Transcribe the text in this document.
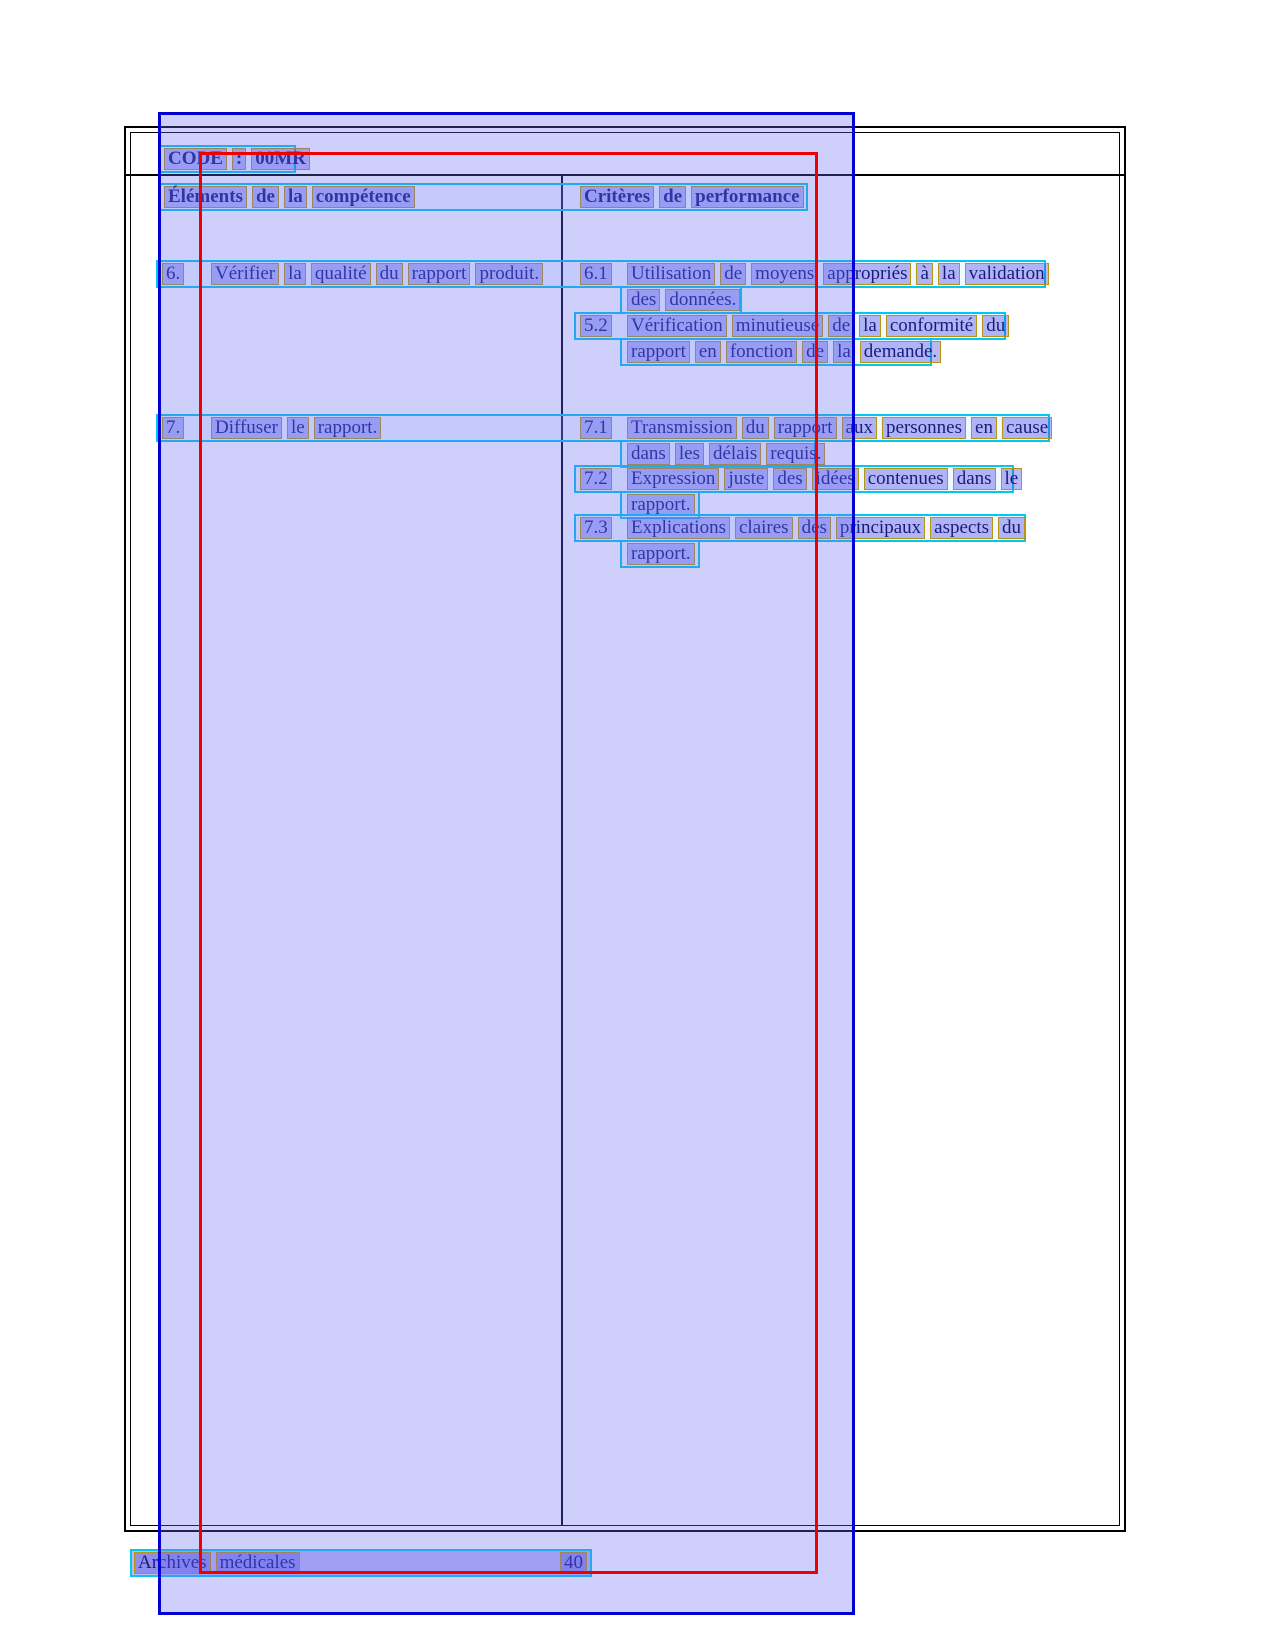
CODE : 00MR
Éléments de la compétence	Critères de performance
6.	Vérifier la qualité du rapport produit.	6.1	Utilisation de moyens appropriés à la validation
des données.
5.2	Vérification minutieuse de la conformité du
rapport en fonction de la demande.
7.	Diffuser le rapport.	7.1	Transmission du rapport aux personnes en cause
dans les délais requis.
7.2	Expression juste des idées contenues dans le
rapport.
7.3	Explications claires des principaux aspects du
rapport.
Archives médicales	40
